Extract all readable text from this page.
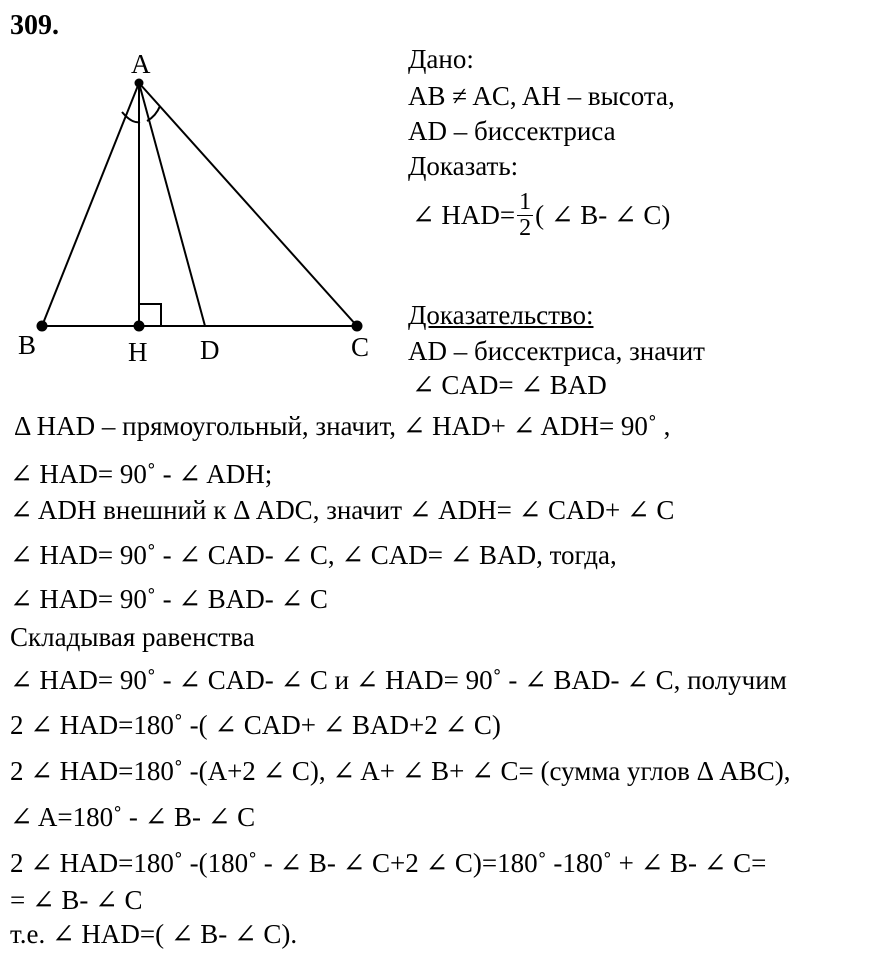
309.
A
B	H D	C
Дано:
AB ≠ AC, AH – высота,
AD – биссектриса
Доказать:
∠ $HAD= \frac{1}{2}$ ( ∠ B- ∠ C)
Доказательство:
AD – биссектриса, значит
∠ CAD= ∠ BAD
Δ HAD – прямоугольный, значит, ∠ HAD+ ∠ ADH= 90˚ ,
∠ HAD= 90˚ - ∠ ADH;
∠ ADH внешний к Δ ADC, значит ∠ ADH= ∠ CAD+ ∠ C
∠ HAD= 90˚ - ∠ CAD- ∠ C, ∠ CAD= ∠ BAD, тогда,
∠ HAD= 90˚ - ∠ BAD- ∠ C
Складывая равенства
∠ HAD= 90˚ - ∠ CAD- ∠ C и ∠ HAD= 90˚ - ∠ BAD- ∠ C, получим
2 ∠ HAD=180˚ -( ∠ CAD+ ∠ BAD+2 ∠ C)
2 ∠ HAD=180˚ -(A+2 ∠ C), ∠ A+ ∠ B+ ∠ C= (сумма углов Δ ABC),
∠ A=180˚ - ∠ B- ∠ C
2 ∠ HAD=180˚ -(180˚ - ∠ B- ∠ C+2 ∠ C)=180˚ -180˚ + ∠ B- ∠ C=
= ∠ B- ∠ C
т.е. ∠ HAD=( ∠ B- ∠ C).
